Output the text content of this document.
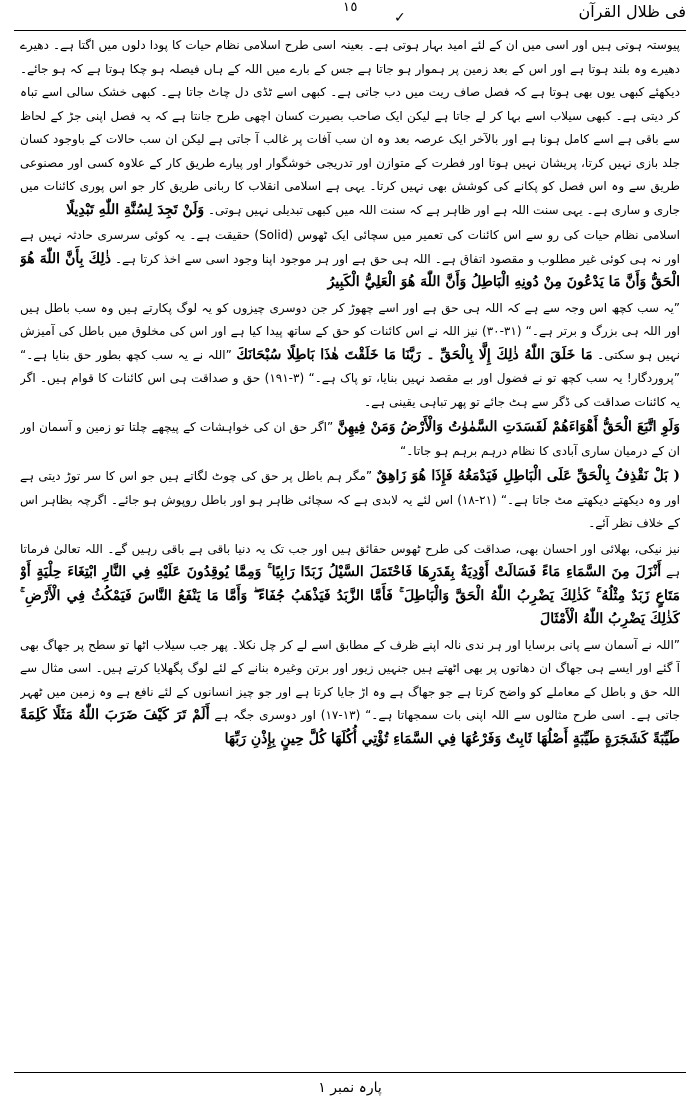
فی ظلال القرآن
١٥
✓

پیوستہ ہوتی ہیں اور اسی میں ان کے لئے امید بہار ہوتی ہے۔ بعینہ اسی طرح اسلامی نظام حیات کا پودا دلوں میں اگتا ہے۔ دھیرے دھیرے وہ بلند ہوتا ہے اور اس کے بعد زمین پر ہموار ہو جاتا ہے جس کے بارے میں اللہ کے ہاں فیصلہ ہو چکا ہوتا ہے کہ ہو جائے۔ دیکھئے کبھی یوں بھی ہوتا ہے کہ فصل صاف ریت میں دب جاتی ہے۔ کبھی اسے ٹڈی دل چاٹ جاتا ہے۔ کبھی خشک سالی اسے تباہ کر دیتی ہے۔ کبھی سیلاب اسے بہا کر لے جاتا ہے لیکن ایک صاحب بصیرت کسان اچھی طرح جانتا ہے کہ یہ فصل اپنی جڑ کے لحاظ سے باقی ہے اسے کامل ہونا ہے اور بالآخر ایک عرصہ بعد وہ ان سب آفات پر غالب آ جاتی ہے لیکن ان سب حالات کے باوجود کسان جلد بازی نہیں کرتا، پریشان نہیں ہوتا اور فطرت کے متوازن اور تدریجی خوشگوار اور پیارے طریق کار کے علاوہ کسی اور مصنوعی طریق سے وہ اس فصل کو پکانے کی کوشش بھی نہیں کرتا۔ یہی ہے اسلامی انقلاب کا ربانی طریق کار جو اس پوری کائنات میں جاری و ساری ہے۔ یہی سنت اللہ ہے اور ظاہر ہے کہ سنت اللہ میں کبھی تبدیلی نہیں ہوتی۔ وَلَنْ تَجِدَ لِسُنَّةِ اللّٰهِ تَبْدِيلًا

اسلامی نظام حیات کی رو سے اس کائنات کی تعمیر میں سچائی ایک ٹھوس (Solid) حقیقت ہے۔ یہ کوئی سرسری حادثہ نہیں ہے اور نہ ہی کوئی غیر مطلوب و مقصود اتفاق ہے۔ اللہ ہی حق ہے اور ہر موجود اپنا وجود اسی سے اخذ کرتا ہے۔ ذٰلِكَ بِأَنَّ اللّٰهَ هُوَ الْحَقُّ وَأَنَّ مَا يَدْعُونَ مِنْ دُونِهِ الْبَاطِلُ وَأَنَّ اللّٰهَ هُوَ الْعَلِيُّ الْكَبِيرُ

”یہ سب کچھ اس وجہ سے ہے کہ اللہ ہی حق ہے اور اسے چھوڑ کر جن دوسری چیزوں کو یہ لوگ پکارتے ہیں وہ سب باطل ہیں اور اللہ ہی بزرگ و برتر ہے۔“ (٣١-٣٠) نیز اللہ نے اس کائنات کو حق کے ساتھ پیدا کیا ہے اور اس کی مخلوق میں باطل کی آمیزش نہیں ہو سکتی۔ مَا خَلَقَ اللّٰهُ ذٰلِكَ إِلَّا بِالْحَقِّ ۔ رَبَّنَا مَا خَلَقْتَ هٰذَا بَاطِلًا سُبْحَانَكَ ”اللہ نے یہ سب کچھ بطور حق بنایا ہے۔“ ”پروردگار! یہ سب کچھ تو نے فضول اور بے مقصد نہیں بنایا، تو پاک ہے۔“ (٣-١٩١) حق و صداقت ہی اس کائنات کا قوام ہیں۔ اگر یہ کائنات صداقت کی ڈگر سے ہٹ جائے تو پھر تباہی یقینی ہے۔

وَلَوِ اتَّبَعَ الْحَقُّ أَهْوَاءَهُمْ لَفَسَدَتِ السَّمٰوٰتُ وَالْأَرْضُ وَمَنْ فِيهِنَّ ”اگر حق ان کی خواہشات کے پیچھے چلتا تو زمین و آسمان اور ان کے درمیان ساری آبادی کا نظام درہم برہم ہو جاتا۔“

( بَلْ نَقْذِفُ بِالْحَقِّ عَلَى الْبَاطِلِ فَيَدْمَغُهُ فَإِذَا هُوَ زَاهِقٌ ”مگر ہم باطل پر حق کی چوٹ لگاتے ہیں جو اس کا سر توڑ دیتی ہے اور وہ دیکھتے دیکھتے مٹ جاتا ہے۔“ (٢١-١٨) اس لئے یہ لابدی ہے کہ سچائی ظاہر ہو اور باطل روپوش ہو جائے۔ اگرچہ بظاہر اس کے خلاف نظر آئے۔

نیز نیکی، بھلائی اور احسان بھی، صداقت کی طرح ٹھوس حقائق ہیں اور جب تک یہ دنیا باقی ہے باقی رہیں گے۔ اللہ تعالیٰ فرماتا ہے أَنْزَلَ مِنَ السَّمَاءِ مَاءً فَسَالَتْ أَوْدِيَةٌ بِقَدَرِهَا فَاحْتَمَلَ السَّيْلُ زَبَدًا رَابِيًا ۚ وَمِمَّا يُوقِدُونَ عَلَيْهِ فِي النَّارِ ابْتِغَاءَ حِلْيَةٍ أَوْ مَتَاعٍ زَبَدٌ مِثْلُهُ ۚ كَذٰلِكَ يَضْرِبُ اللّٰهُ الْحَقَّ وَالْبَاطِلَ ۚ فَأَمَّا الزَّبَدُ فَيَذْهَبُ جُفَاءً ۖ وَأَمَّا مَا يَنْفَعُ النَّاسَ فَيَمْكُثُ فِي الْأَرْضِ ۚ كَذٰلِكَ يَضْرِبُ اللّٰهُ الْأَمْثَالَ

”اللہ نے آسمان سے پانی برسایا اور ہر ندی نالہ اپنے ظرف کے مطابق اسے لے کر چل نکلا۔ پھر جب سیلاب اٹھا تو سطح پر جھاگ بھی آ گئے اور ایسے ہی جھاگ ان دھاتوں پر بھی اٹھتے ہیں جنہیں زیور اور برتن وغیرہ بنانے کے لئے لوگ پگھلایا کرتے ہیں۔ اسی مثال سے اللہ حق و باطل کے معاملے کو واضح کرتا ہے جو جھاگ ہے وہ اڑ جایا کرتا ہے اور جو چیز انسانوں کے لئے نافع ہے وہ زمین میں ٹھہر جاتی ہے۔ اسی طرح مثالوں سے اللہ اپنی بات سمجھاتا ہے۔“ (١٣-١٧) اور دوسری جگہ ہے أَلَمْ تَرَ كَيْفَ ضَرَبَ اللّٰهُ مَثَلًا كَلِمَةً طَيِّبَةً كَشَجَرَةٍ طَيِّبَةٍ أَصْلُهَا ثَابِتٌ وَفَرْعُهَا فِي السَّمَاءِ تُؤْتِي أُكُلَهَا كُلَّ حِينٍ بِإِذْنِ رَبِّهَا

پارہ نمبر ١
